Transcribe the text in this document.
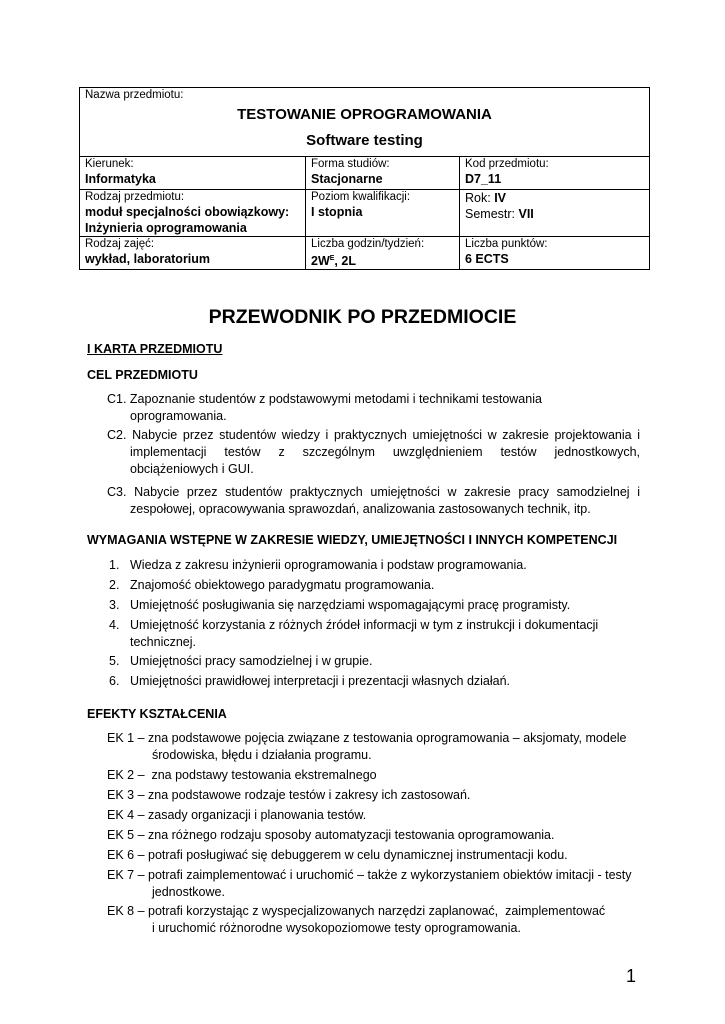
Nazwa przedmiotu:
TESTOWANIE OPROGRAMOWANIA
Software testing		

Kierunek:
Informatyka	Forma studiów:
Stacjonarne	Kod przedmiotu:
D7_11

Rodzaj przedmiotu:
moduł specjalności obowiązkowy:
Inżynieria oprogramowania	Poziom kwalifikacji:
I stopnia	Rok: IV
Semestr: VII

Rodzaj zajęć:
wykład, laboratorium	Liczba godzin/tydzień:
$2W^E$, 2L	Liczba punktów:
6 ECTS
PRZEWODNIK PO PRZEDMIOCIE
I KARTA PRZEDMIOTU
CEL PRZEDMIOTU
C1. Zapoznanie studentów z podstawowymi metodami i technikami testowania
oprogramowania.
C2. Nabycie przez studentów wiedzy i praktycznych umiejętności w zakresie projektowania i
implementacji testów z szczególnym uwzględnieniem testów jednostkowych,
obciążeniowych i GUI.
C3. Nabycie przez studentów praktycznych umiejętności w zakresie pracy samodzielnej i
zespołowej, opracowywania sprawozdań, analizowania zastosowanych technik, itp.
WYMAGANIA WSTĘPNE W ZAKRESIE WIEDZY, UMIEJĘTNOŚCI I INNYCH KOMPETENCJI
1. Wiedza z zakresu inżynierii oprogramowania i podstaw programowania.
2. Znajomość obiektowego paradygmatu programowania.
3. Umiejętność posługiwania się narzędziami wspomagającymi pracę programisty.
4. Umiejętność korzystania z różnych źródeł informacji w tym z instrukcji i dokumentacji
technicznej.
5. Umiejętności pracy samodzielnej i w grupie.
6. Umiejętności prawidłowej interpretacji i prezentacji własnych działań.
EFEKTY KSZTAŁCENIA
EK 1 – zna podstawowe pojęcia związane z testowania oprogramowania – aksjomaty, modele
środowiska, błędu i działania programu.
EK 2 –  zna podstawy testowania ekstremalnego
EK 3 – zna podstawowe rodzaje testów i zakresy ich zastosowań.
EK 4 – zasady organizacji i planowania testów.
EK 5 – zna różnego rodzaju sposoby automatyzacji testowania oprogramowania.
EK 6 – potrafi posługiwać się debuggerem w celu dynamicznej instrumentacji kodu.
EK 7 – potrafi zaimplementować i uruchomić – także z wykorzystaniem obiektów imitacji - testy
jednostkowe.
EK 8 – potrafi korzystając z wyspecjalizowanych narzędzi zaplanować,  zaimplementować
i uruchomić różnorodne wysokopoziomowe testy oprogramowania.
1
